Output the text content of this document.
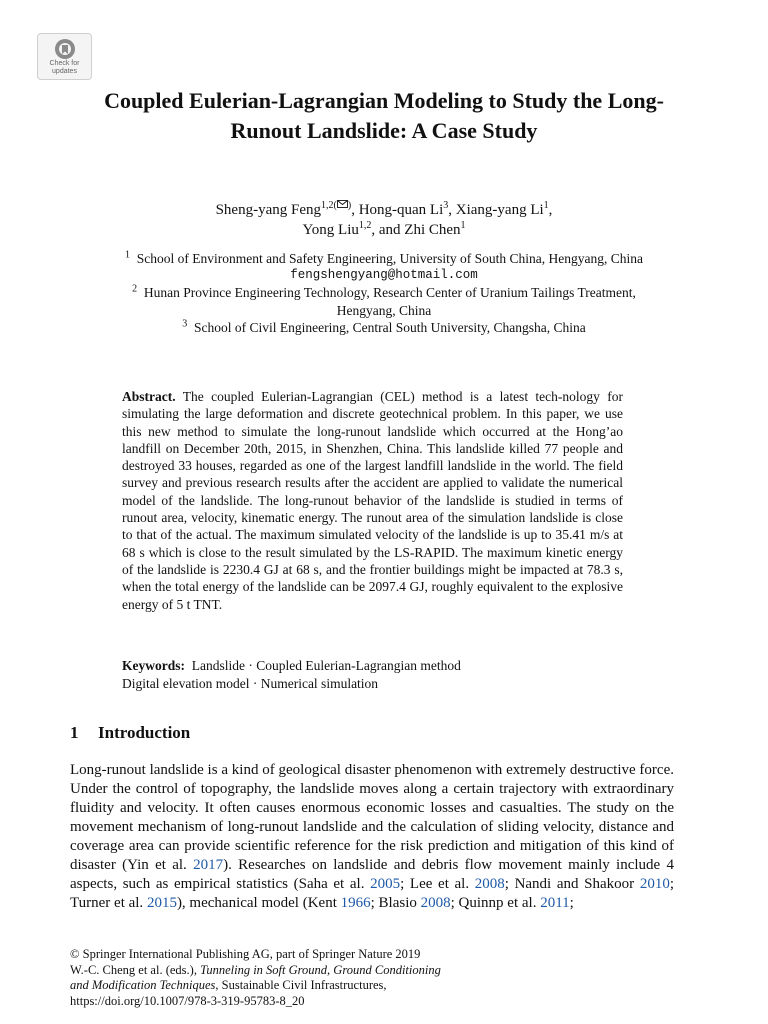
Check for
updates
Coupled Eulerian-Lagrangian Modeling to Study the Long-Runout Landslide: A Case Study
Sheng-yang Feng$^{1,2( )}$, Hong-quan Li$^3$, Xiang-yang Li$^1$,
Yong Liu$^{1,2}$, and Zhi Chen$^1$
$^1$ School of Environment and Safety Engineering, University of South China, Hengyang, China
fengshengyang@hotmail.com
$^2$ Hunan Province Engineering Technology, Research Center of Uranium Tailings Treatment, Hengyang, China
$^3$ School of Civil Engineering, Central South University, Changsha, China

Abstract. The coupled Eulerian-Lagrangian (CEL) method is a latest tech-nology for simulating the large deformation and discrete geotechnical problem. In this paper, we use this new method to simulate the long-runout landslide which occurred at the Hong’ao landfill on December 20th, 2015, in Shenzhen, China. This landslide killed 77 people and destroyed 33 houses, regarded as one of the largest landfill landslide in the world. The field survey and previous research results after the accident are applied to validate the numerical model of the landslide. The long-runout behavior of the landslide is studied in terms of runout area, velocity, kinematic energy. The runout area of the simulation landslide is close to that of the actual. The maximum simulated velocity of the landslide is up to 35.41 m/s at 68 s which is close to the result simulated by the LS-RAPID. The maximum kinetic energy of the landslide is 2230.4 GJ at 68 s, and the frontier buildings might be impacted at 78.3 s, when the total energy of the landslide can be 2097.4 GJ, roughly equivalent to the explosive energy of 5 t TNT.

Keywords: Landslide · Coupled Eulerian-Lagrangian method
Digital elevation model · Numerical simulation
1 Introduction

Long-runout landslide is a kind of geological disaster phenomenon with extremely destructive force. Under the control of topography, the landslide moves along a certain trajectory with extraordinary fluidity and velocity. It often causes enormous economic losses and casualties. The study on the movement mechanism of long-runout landslide and the calculation of sliding velocity, distance and coverage area can provide scientific reference for the risk prediction and mitigation of this kind of disaster (Yin et al. 2017). Researches on landslide and debris flow movement mainly include 4 aspects, such as empirical statistics (Saha et al. 2005; Lee et al. 2008; Nandi and Shakoor 2010; Turner et al. 2015), mechanical model (Kent 1966; Blasio 2008; Quinnp et al. 2011;

© Springer International Publishing AG, part of Springer Nature 2019
W.-C. Cheng et al. (eds.), Tunneling in Soft Ground, Ground Conditioning
and Modification Techniques, Sustainable Civil Infrastructures,
https://doi.org/10.1007/978-3-319-95783-8_20
